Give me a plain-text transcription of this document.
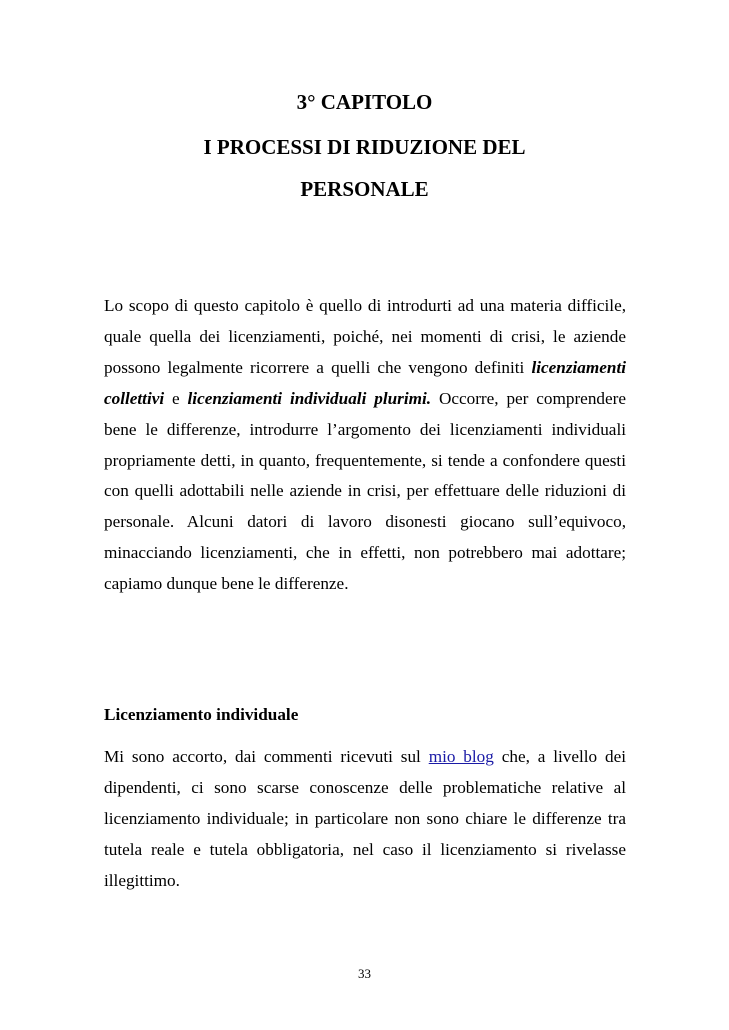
3° CAPITOLO
I PROCESSI DI RIDUZIONE DEL
PERSONALE

Lo scopo di questo capitolo è quello di introdurti ad una materia difficile, quale quella dei licenziamenti, poiché, nei momenti di crisi, le aziende possono legalmente ricorrere a quelli che vengono definiti licenziamenti collettivi e licenziamenti individuali plurimi. Occorre, per comprendere bene le differenze, introdurre l’argomento dei licenziamenti individuali propriamente detti, in quanto, frequentemente, si tende a confondere questi con quelli adottabili nelle aziende in crisi, per effettuare delle riduzioni di personale. Alcuni datori di lavoro disonesti giocano sull’equivoco, minacciando licenziamenti, che in effetti, non potrebbero mai adottare; capiamo dunque bene le differenze.

Licenziamento individuale

Mi sono accorto, dai commenti ricevuti sul mio blog che, a livello dei dipendenti, ci sono scarse conoscenze delle problematiche relative al licenziamento individuale; in particolare non sono chiare le differenze tra tutela reale e tutela obbligatoria, nel caso il licenziamento si rivelasse illegittimo.

33
